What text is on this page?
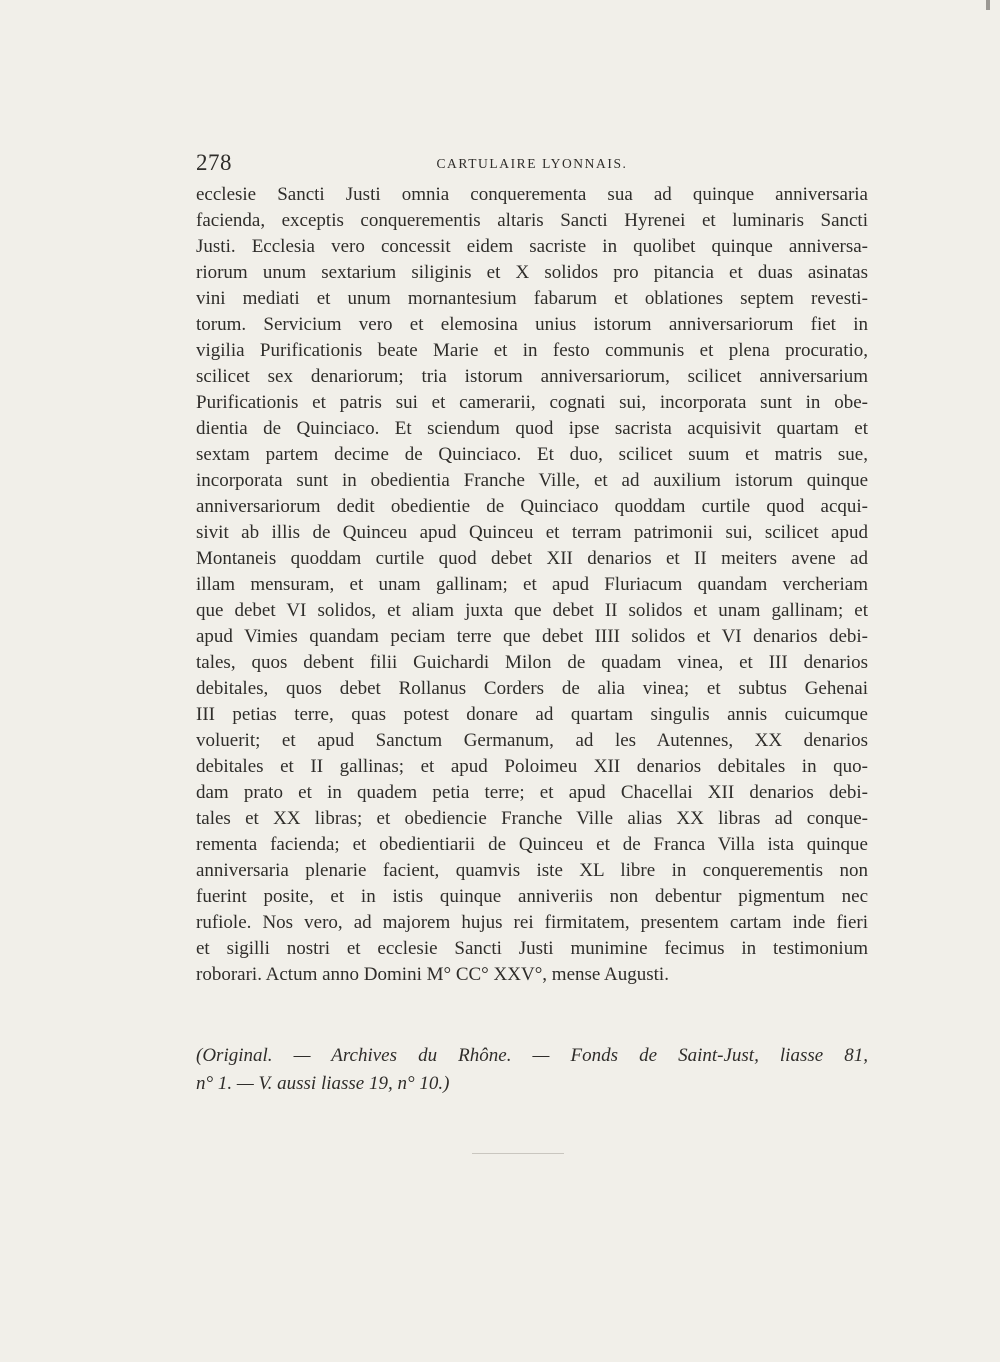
278	CARTULAIRE LYONNAIS.
ecclesie Sancti Justi omnia conquerementa sua ad quinque anniversaria
facienda, exceptis conquerementis altaris Sancti Hyrenei et luminaris Sancti
Justi. Ecclesia vero concessit eidem sacriste in quolibet quinque anniversa-
riorum unum sextarium siliginis et X solidos pro pitancia et duas asinatas
vini mediati et unum mornantesium fabarum et oblationes septem revesti-
torum. Servicium vero et elemosina unius istorum anniversariorum fiet in
vigilia Purificationis beate Marie et in festo communis et plena procuratio,
scilicet sex denariorum; tria istorum anniversariorum, scilicet anniversarium
Purificationis et patris sui et camerarii, cognati sui, incorporata sunt in obe-
dientia de Quinciaco. Et sciendum quod ipse sacrista acquisivit quartam et
sextam partem decime de Quinciaco. Et duo, scilicet suum et matris sue,
incorporata sunt in obedientia Franche Ville, et ad auxilium istorum quinque
anniversariorum dedit obedientie de Quinciaco quoddam curtile quod acqui-
sivit ab illis de Quinceu apud Quinceu et terram patrimonii sui, scilicet apud
Montaneis quoddam curtile quod debet XII denarios et II meiters avene ad
illam mensuram, et unam gallinam; et apud Fluriacum quandam vercheriam
que debet VI solidos, et aliam juxta que debet II solidos et unam gallinam; et
apud Vimies quandam peciam terre que debet IIII solidos et VI denarios debi-
tales, quos debent filii Guichardi Milon de quadam vinea, et III denarios
debitales, quos debet Rollanus Corders de alia vinea; et subtus Gehenai
III petias terre, quas potest donare ad quartam singulis annis cuicumque
voluerit; et apud Sanctum Germanum, ad les Autennes, XX denarios
debitales et II gallinas; et apud Poloimeu XII denarios debitales in quo-
dam prato et in quadem petia terre; et apud Chacellai XII denarios debi-
tales et XX libras; et obediencie Franche Ville alias XX libras ad conque-
rementa facienda; et obedientiarii de Quinceu et de Franca Villa ista quinque
anniversaria plenarie facient, quamvis iste XL libre in conquerementis non
fuerint posite, et in istis quinque anniveriis non debentur pigmentum nec
rufiole. Nos vero, ad majorem hujus rei firmitatem, presentem cartam inde fieri
et sigilli nostri et ecclesie Sancti Justi munimine fecimus in testimonium
roborari. Actum anno Domini M° CC° XXV°, mense Augusti.
(Original. — Archives du Rhône. — Fonds de Saint-Just, liasse 81,
n° 1. — V. aussi liasse 19, n° 10.)
